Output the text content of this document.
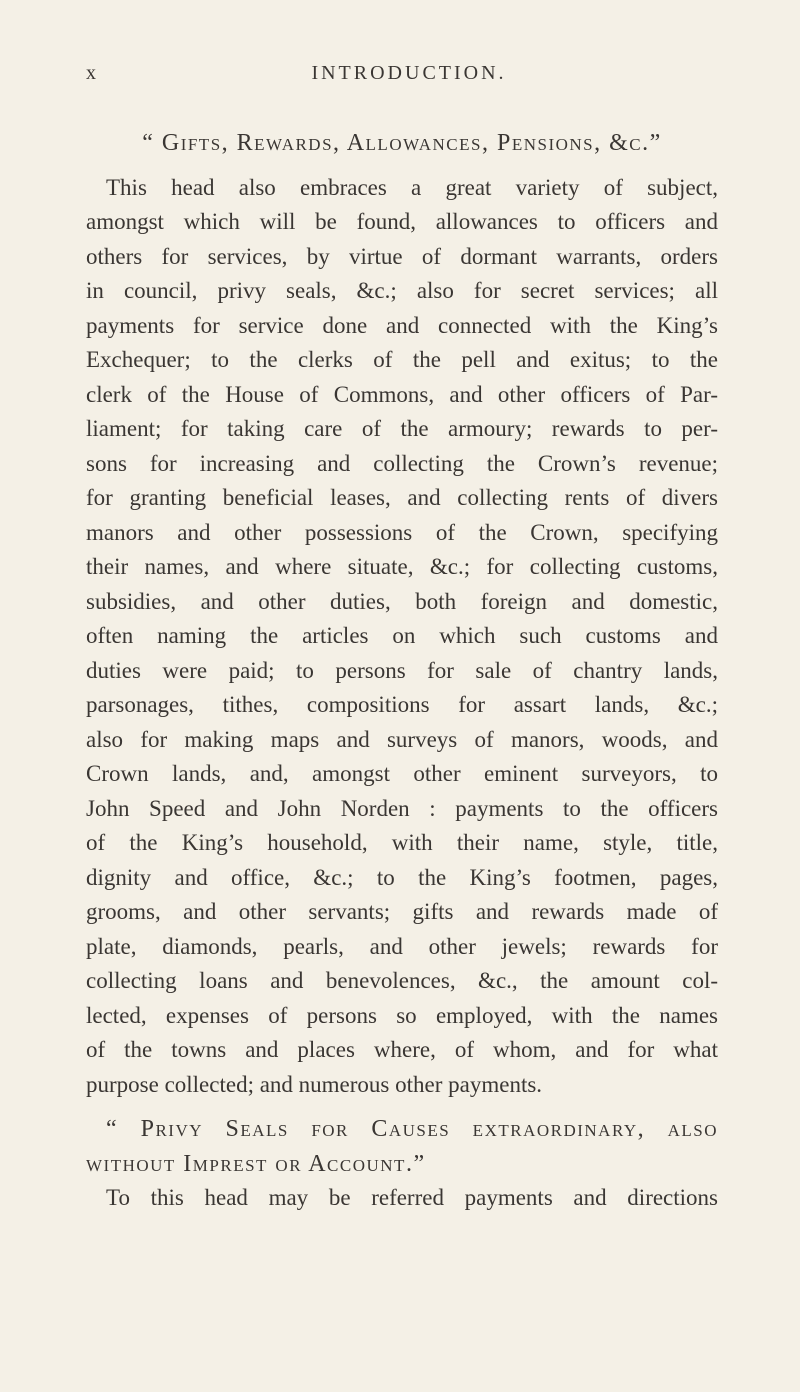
x	INTRODUCTION.
“ Gifts, Rewards, Allowances, Pensions, &c.”
This head also embraces a great variety of subject,
amongst which will be found, allowances to officers and
others for services, by virtue of dormant warrants, orders
in council, privy seals, &c.; also for secret services; all
payments for service done and connected with the King’s
Exchequer; to the clerks of the pell and exitus; to the
clerk of the House of Commons, and other officers of Par-
liament; for taking care of the armoury; rewards to per-
sons for increasing and collecting the Crown’s revenue;
for granting beneficial leases, and collecting rents of divers
manors and other possessions of the Crown, specifying
their names, and where situate, &c.; for collecting customs,
subsidies, and other duties, both foreign and domestic,
often naming the articles on which such customs and
duties were paid; to persons for sale of chantry lands,
parsonages, tithes, compositions for assart lands, &c.;
also for making maps and surveys of manors, woods, and
Crown lands, and, amongst other eminent surveyors, to
John Speed and John Norden : payments to the officers
of the King’s household, with their name, style, title,
dignity and office, &c.; to the King’s footmen, pages,
grooms, and other servants; gifts and rewards made of
plate, diamonds, pearls, and other jewels; rewards for
collecting loans and benevolences, &c., the amount col-
lected, expenses of persons so employed, with the names
of the towns and places where, of whom, and for what
purpose collected; and numerous other payments.
“ Privy Seals for Causes extraordinary, also
without Imprest or Account.”
To this head may be referred payments and directions
